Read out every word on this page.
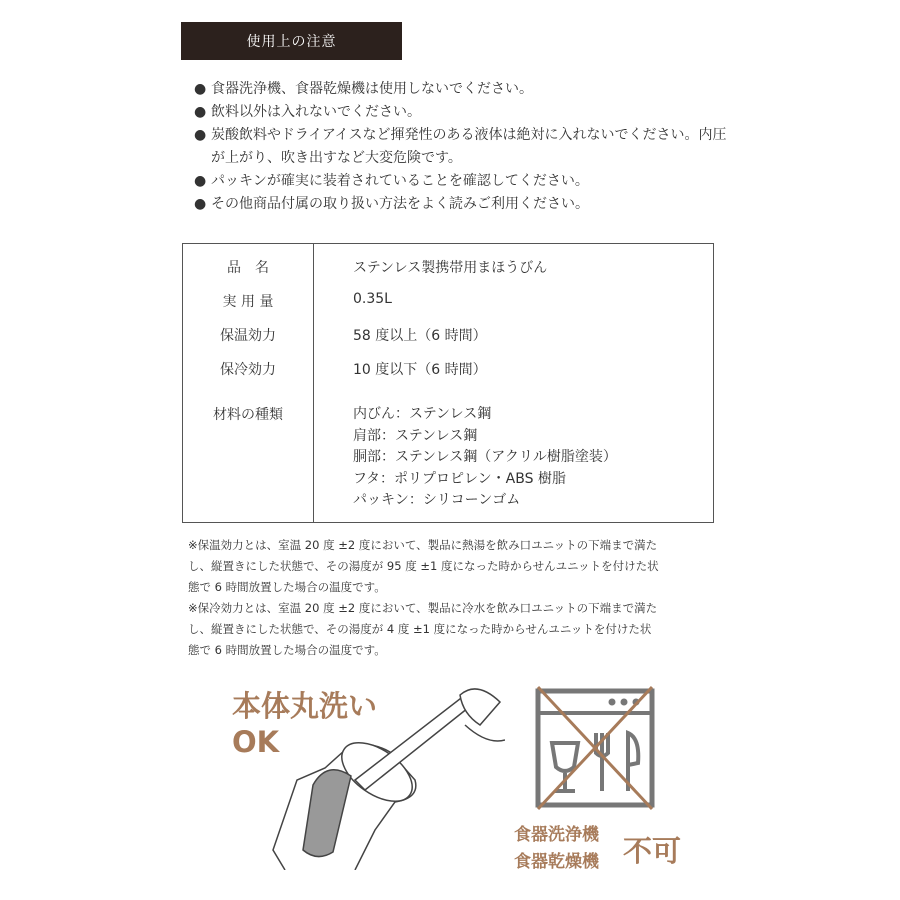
使用上の注意
● 食器洗浄機、食器乾燥機は使用しないでください。
● 飲料以外は入れないでください。
● 炭酸飲料やドライアイスなど揮発性のある液体は絶対に入れないでください。内圧が上がり、吹き出すなど大変危険です。
● パッキンが確実に装着されていることを確認してください。
● その他商品付属の取り扱い方法をよく読みご利用ください。
品　名	ステンレス製携帯用まほうびん
実 用 量	0.35L
保温効力	58 度以上（6 時間）
保冷効力	10 度以下（6 時間）
材料の種類	内びん：ステンレス鋼
肩部：ステンレス鋼
胴部：ステンレス鋼（アクリル樹脂塗装）
フタ：ポリプロピレン・ABS 樹脂
パッキン：シリコーンゴム
※保温効力とは、室温 20 度 ±2 度において、製品に熱湯を飲み口ユニットの下端まで満た
し、縦置きにした状態で、その湯度が 95 度 ±1 度になった時からせんユニットを付けた状
態で 6 時間放置した場合の温度です。
※保冷効力とは、室温 20 度 ±2 度において、製品に冷水を飲み口ユニットの下端まで満た
し、縦置きにした状態で、その湯度が 4 度 ±1 度になった時からせんユニットを付けた状
態で 6 時間放置した場合の温度です。
本体丸洗い
OK
食器洗浄機
食器乾燥機 不可
